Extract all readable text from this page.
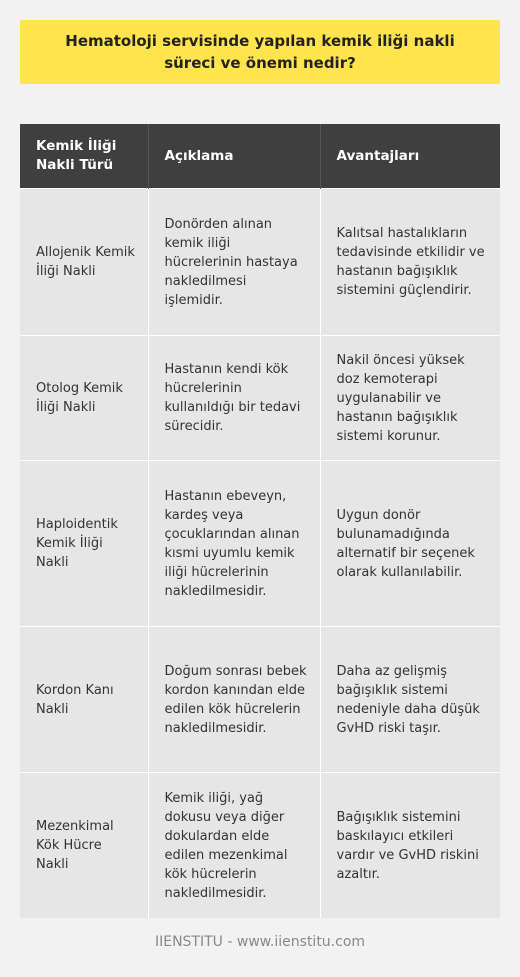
Hematoloji servisinde yapılan kemik iliği nakli süreci ve önemi nedir?
Kemik İliği Nakli Türü	Açıklama	Avantajları
Allojenik Kemik İliği Nakli	Donörden alınan kemik iliği hücrelerinin hastaya nakledilmesi işlemidir.	Kalıtsal hastalıkların tedavisinde etkilidir ve hastanın bağışıklık sistemini güçlendirir.
Otolog Kemik İliği Nakli	Hastanın kendi kök hücrelerinin kullanıldığı bir tedavi sürecidir.	Nakil öncesi yüksek doz kemoterapi uygulanabilir ve hastanın bağışıklık sistemi korunur.
Haploidentik Kemik İliği Nakli	Hastanın ebeveyn, kardeş veya çocuklarından alınan kısmi uyumlu kemik iliği hücrelerinin nakledilmesidir.	Uygun donör bulunamadığında alternatif bir seçenek olarak kullanılabilir.
Kordon Kanı Nakli	Doğum sonrası bebek kordon kanından elde edilen kök hücrelerin nakledilmesidir.	Daha az gelişmiş bağışıklık sistemi nedeniyle daha düşük GvHD riski taşır.
Mezenkimal Kök Hücre Nakli	Kemik iliği, yağ dokusu veya diğer dokulardan elde edilen mezenkimal kök hücrelerin nakledilmesidir.	Bağışıklık sistemini baskılayıcı etkileri vardır ve GvHD riskini azaltır.
IIENSTITU - www.iienstitu.com
